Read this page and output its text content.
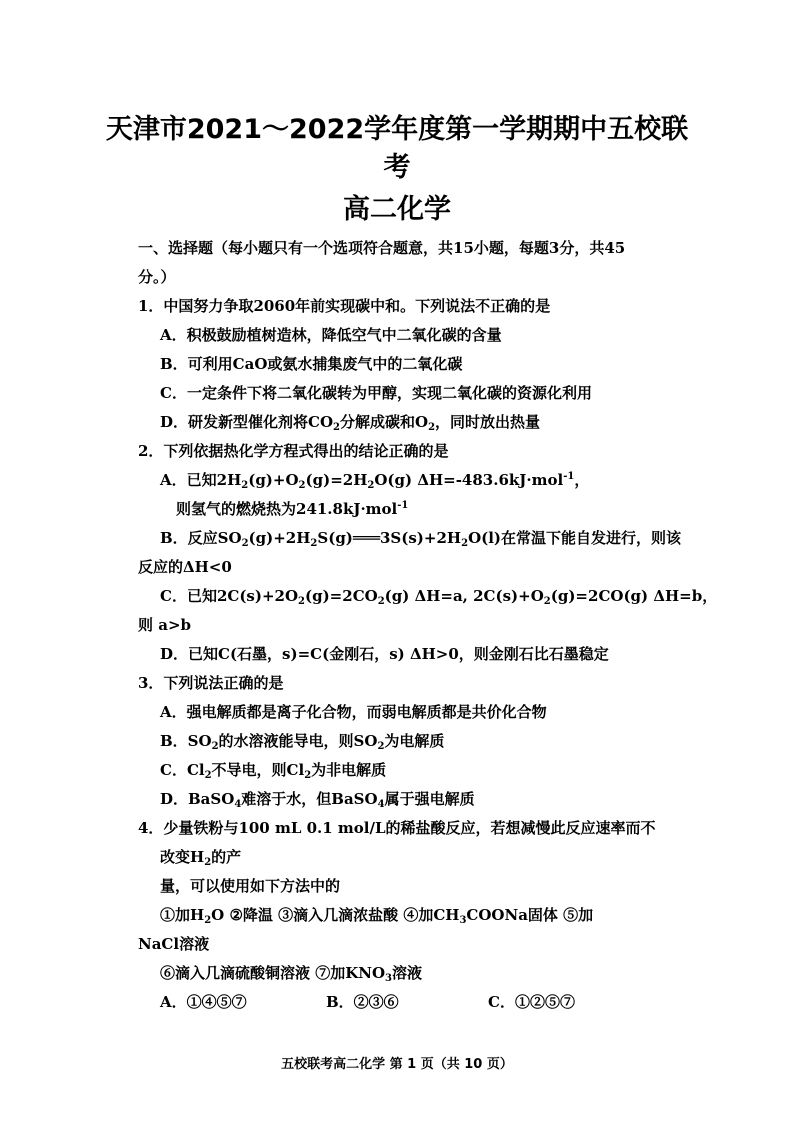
天津市2021～2022学年度第一学期期中五校联
考
高二化学
一、选择题（每小题只有一个选项符合题意，共15小题，每题3分，共45
分。）
1．中国努力争取2060年前实现碳中和。下列说法不正确的是
A．积极鼓励植树造林，降低空气中二氧化碳的含量
B．可利用CaO或氨水捕集废气中的二氧化碳
C．一定条件下将二氧化碳转为甲醇，实现二氧化碳的资源化利用
D．研发新型催化剂将$CO_2$分解成碳和$O_2$，同时放出热量
2．下列依据热化学方程式得出的结论正确的是
A．已知$2H_2(g)+O_2(g)=2H_2O(g)$ ΔH=-483.6kJ·mol$^{-1}$，
则氢气的燃烧热为241.8kJ·mol$^{-1}$
B．反应$SO_2(g)+2H_2S(g)═══3S(s)+2H_2O(l)$在常温下能自发进行，则该
反应的ΔH<0
C．已知$2C(s)+2O_2(g)=2CO_2(g)$ ΔH=a, $2C(s)+O_2(g)=2CO(g)$ ΔH=b，
则 a>b
D．已知C(石墨，s)=C(金刚石，s) ΔH>0，则金刚石比石墨稳定
3．下列说法正确的是
A．强电解质都是离子化合物，而弱电解质都是共价化合物
B．$SO_2$的水溶液能导电，则$SO_2$为电解质
C．$Cl_2$不导电，则$Cl_2$为非电解质
D．BaSO$_4$难溶于水，但BaSO$_4$属于强电解质
4．少量铁粉与100 mL 0.1 mol/L的稀盐酸反应，若想减慢此反应速率而不
改变$H_2$的产
量，可以使用如下方法中的
①加$H_2O$ ②降温 ③滴入几滴浓盐酸 ④加$CH_3COONa$固体 ⑤加
NaCl溶液
⑥滴入几滴硫酸铜溶液 ⑦加$KNO_3$溶液
A．①④⑤⑦	B．②③⑥	C．①②⑤⑦
五校联考高二化学 第 1 页（共 10 页）
